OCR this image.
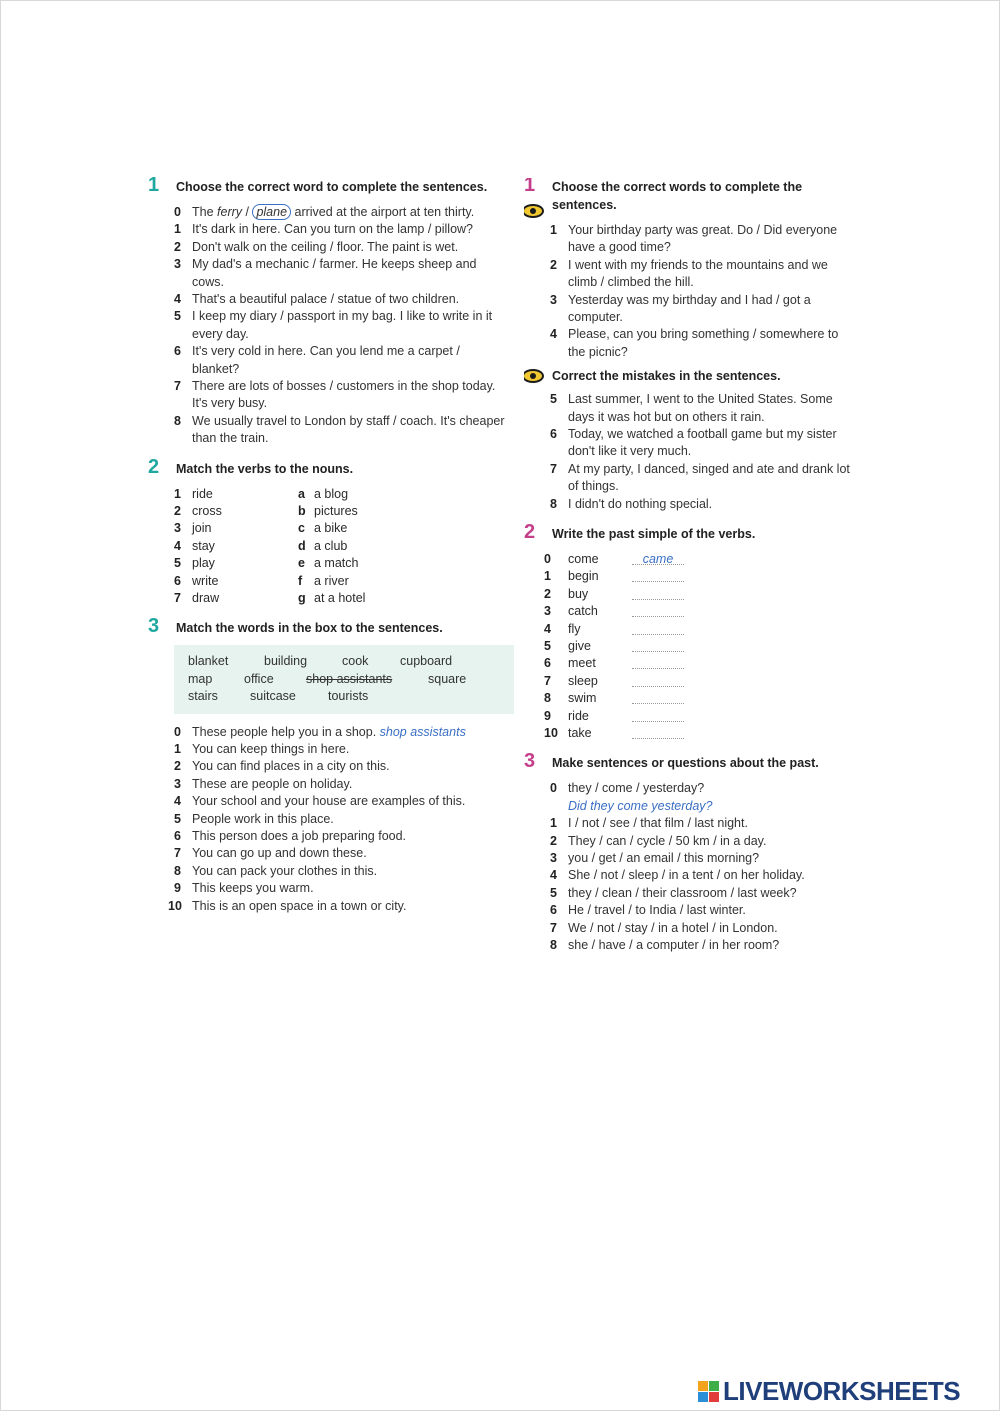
1 Choose the correct word to complete the sentences.
0 The ferry / plane arrived at the airport at ten thirty.
1 It's dark in here. Can you turn on the lamp / pillow?
2 Don't walk on the ceiling / floor. The paint is wet.
3 My dad's a mechanic / farmer. He keeps sheep and cows.
4 That's a beautiful palace / statue of two children.
5 I keep my diary / passport in my bag. I like to write in it every day.
6 It's very cold in here. Can you lend me a carpet / blanket?
7 There are lots of bosses / customers in the shop today. It's very busy.
8 We usually travel to London by staff / coach. It's cheaper than the train.
2 Match the verbs to the nouns.
1 ride	a a blog
2 cross	b pictures
3 join	c a bike
4 stay	d a club
5 play	e a match
6 write	f a river
7 draw	g at a hotel
3 Match the words in the box to the sentences.
blanket	building	cook	cupboard
map	office	shop assistants	square
stairs	suitcase	tourists
0 These people help you in a shop. shop assistants
1 You can keep things in here.
2 You can find places in a city on this.
3 These are people on holiday.
4 Your school and your house are examples of this.
5 People work in this place.
6 This person does a job preparing food.
7 You can go up and down these.
8 You can pack your clothes in this.
9 This keeps you warm.
10 This is an open space in a town or city.
1 Choose the correct words to complete the sentences.
1 Your birthday party was great. Do / Did everyone have a good time?
2 I went with my friends to the mountains and we climb / climbed the hill.
3 Yesterday was my birthday and I had / got a computer.
4 Please, can you bring something / somewhere to the picnic?
Correct the mistakes in the sentences.
5 Last summer, I went to the United States. Some days it was hot but on others it rain.
6 Today, we watched a football game but my sister don't like it very much.
7 At my party, I danced, singed and ate and drank lot of things.
8 I didn't do nothing special.
2 Write the past simple of the verbs.
0	come	came
1	begin
2	buy
3	catch
4	fly
5	give
6	meet
7	sleep
8	swim
9	ride
10 take
3 Make sentences or questions about the past.
0 they / come / yesterday?
Did they come yesterday?
1 I / not / see / that film / last night.
2 They / can / cycle / 50 km / in a day.
3 you / get / an email / this morning?
4 She / not / sleep / in a tent / on her holiday.
5 they / clean / their classroom / last week?
6 He / travel / to India / last winter.
7 We / not / stay / in a hotel / in London.
8 she / have / a computer / in her room?
LIVEWORKSHEETS
